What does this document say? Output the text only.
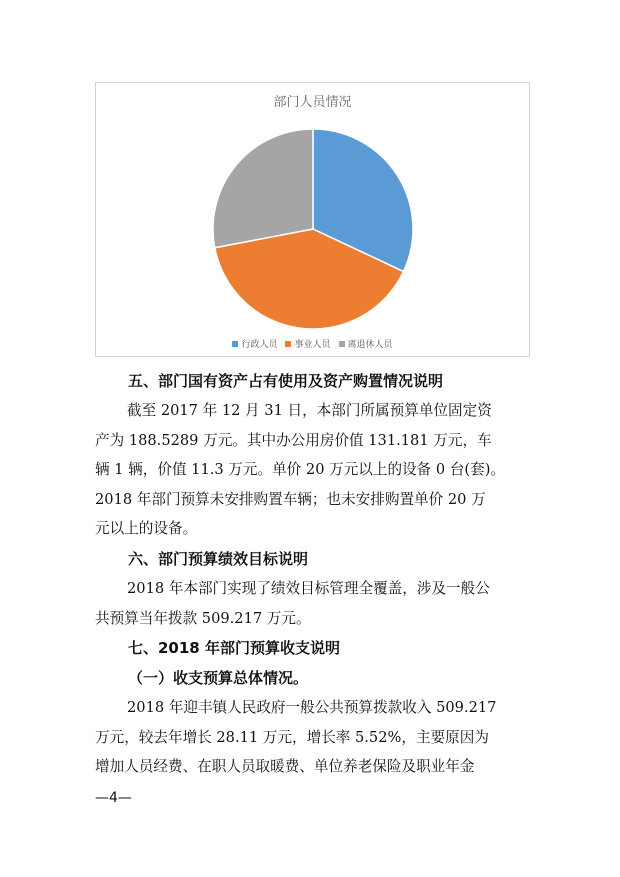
部门人员情况
行政人员 事业人员 离退休人员

五、部门国有资产占有使用及资产购置情况说明

截至 2017 年 12 月 31 日，本部门所属预算单位固定资

产为 188.5289 万元。其中办公用房价值 131.181 万元，车

辆 1 辆，价值 11.3 万元。单价 20 万元以上的设备 0 台(套)。

2018 年部门预算未安排购置车辆；也未安排购置单价 20 万

元以上的设备。

六、部门预算绩效目标说明

2018 年本部门实现了绩效目标管理全覆盖，涉及一般公

共预算当年拨款 509.217 万元。

七、2018 年部门预算收支说明

（一）收支预算总体情况。

2018 年迎丰镇人民政府一般公共预算拨款收入 509.217

万元，较去年增长 28.11 万元，增长率 5.52%，主要原因为

增加人员经费、在职人员取暖费、单位养老保险及职业年金

—4—
